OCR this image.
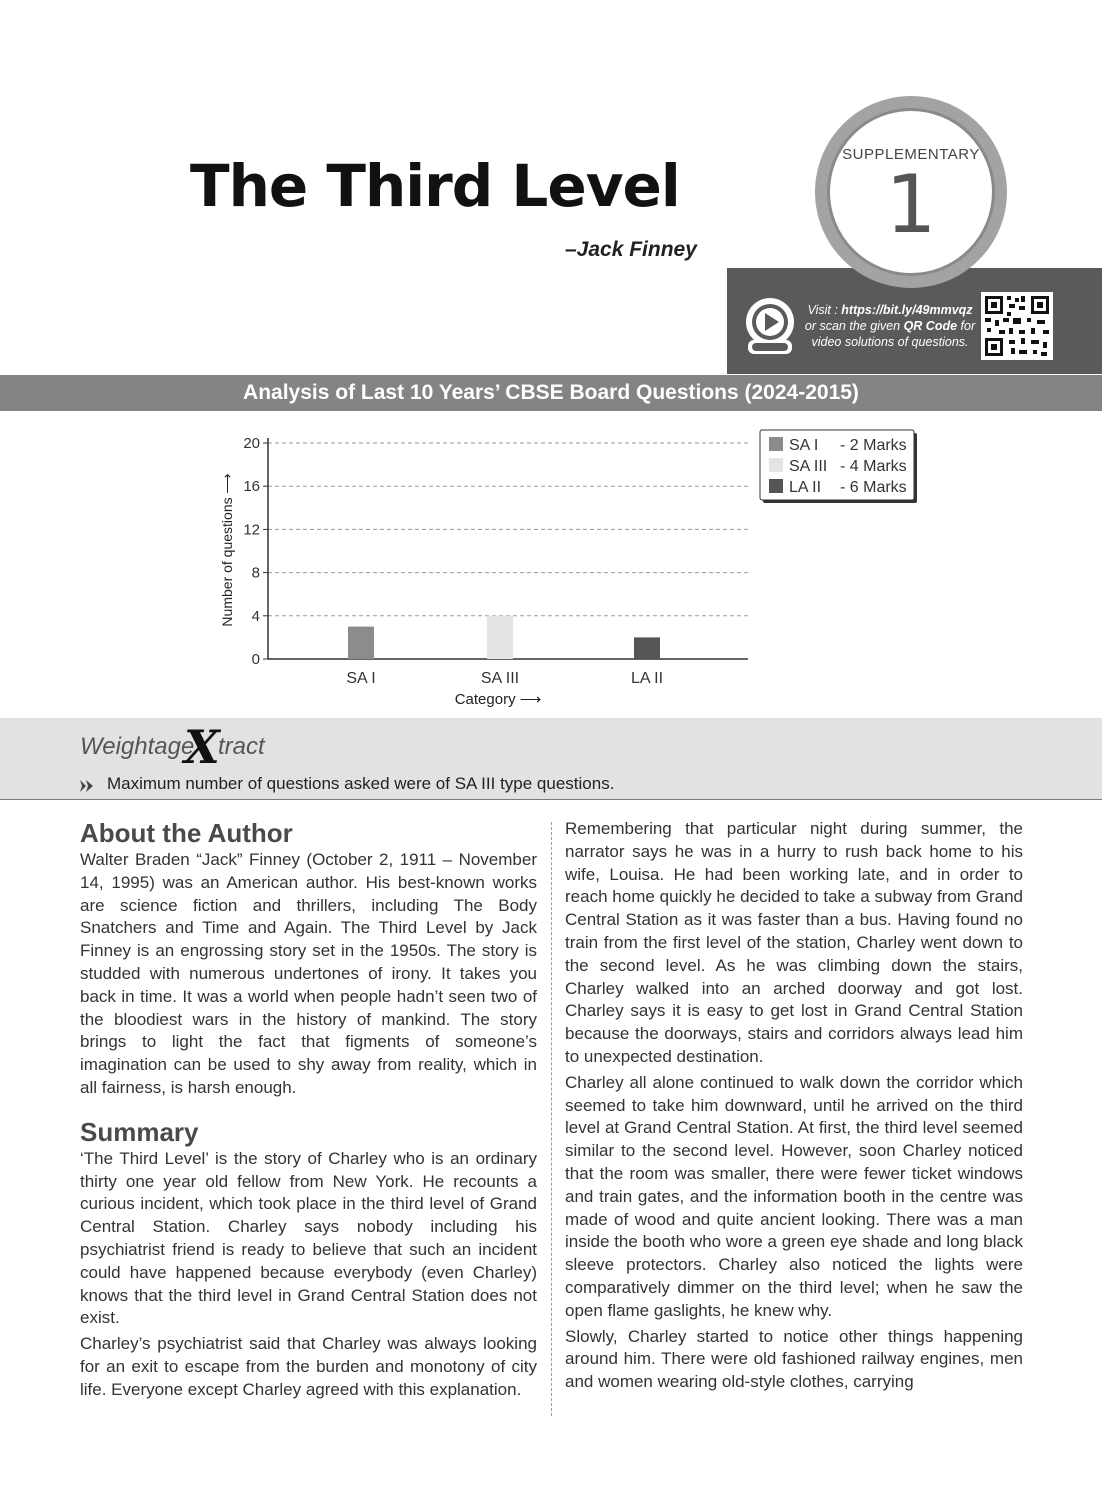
The Third Level
–Jack Finney
SUPPLEMENTARY
1
Visit : https://bit.ly/49mmvqz
or scan the given QR Code for
video solutions of questions.
Analysis of Last 10 Years’ CBSE Board Questions (2024-2015)
0
4
8
12
16
20
SA I	SA III	LA II
Category ⟶
Number of questions ⟶
SA I - 2 Marks
SA III - 4 Marks
LA II - 6 Marks
Weightage
X
tract
Maximum number of questions asked were of SA III type questions.
About the Author
Walter Braden “Jack” Finney (October 2, 1911 – November 14, 1995) was an American author. His best-known works are science fiction and thrillers, including The Body Snatchers and Time and Again. The Third Level by Jack Finney is an engrossing story set in the 1950s. The story is studded with numerous undertones of irony. It takes you back in time. It was a world when people hadn’t seen two of the bloodiest wars in the history of mankind. The story brings to light the fact that figments of someone’s imagination can be used to shy away from reality, which in all fairness, is harsh enough.
Summary
‘The Third Level’ is the story of Charley who is an ordinary thirty one year old fellow from New York. He recounts a curious incident, which took place in the third level of Grand Central Station. Charley says nobody including his psychiatrist friend is ready to believe that such an incident could have happened because everybody (even Charley) knows that the third level in Grand Central Station does not exist.
Charley’s psychiatrist said that Charley was always looking for an exit to escape from the burden and monotony of city life. Everyone except Charley agreed with this explanation.
Remembering that particular night during summer, the narrator says he was in a hurry to rush back home to his wife, Louisa. He had been working late, and in order to reach home quickly he decided to take a subway from Grand Central Station as it was faster than a bus. Having found no train from the first level of the station, Charley went down to the second level. As he was climbing down the stairs, Charley walked into an arched doorway and got lost. Charley says it is easy to get lost in Grand Central Station because the doorways, stairs and corridors always lead him to unexpected destination.
Charley all alone continued to walk down the corridor which seemed to take him downward, until he arrived on the third level at Grand Central Station. At first, the third level seemed similar to the second level. However, soon Charley noticed that the room was smaller, there were fewer ticket windows and train gates, and the information booth in the centre was made of wood and quite ancient looking. There was a man inside the booth who wore a green eye shade and long black sleeve protectors. Charley also noticed the lights were comparatively dimmer on the third level; when he saw the open flame gaslights, he knew why.
Slowly, Charley started to notice other things happening around him. There were old fashioned railway engines, men and women wearing old-style clothes, carrying
